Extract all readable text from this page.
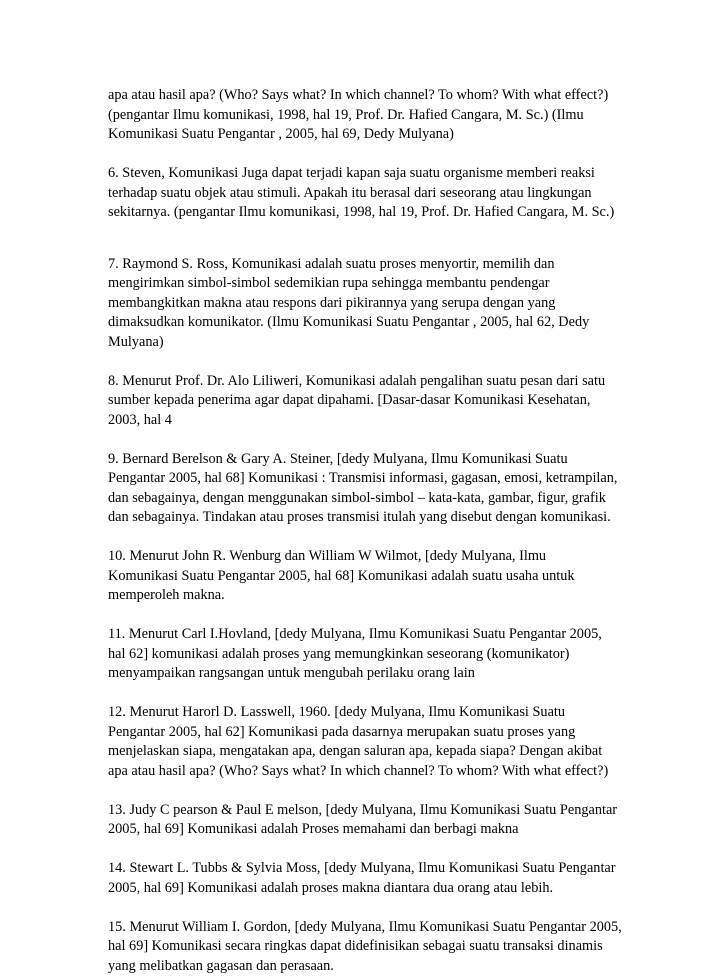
apa atau hasil apa? (Who? Says what? In which channel? To whom? With what effect?)
(pengantar Ilmu komunikasi, 1998, hal 19, Prof. Dr. Hafied Cangara, M. Sc.) (Ilmu
Komunikasi Suatu Pengantar , 2005, hal 69, Dedy Mulyana)

6. Steven, Komunikasi Juga dapat terjadi kapan saja suatu organisme memberi reaksi
terhadap suatu objek atau stimuli. Apakah itu berasal dari seseorang atau lingkungan
sekitarnya. (pengantar Ilmu komunikasi, 1998, hal 19, Prof. Dr. Hafied Cangara, M. Sc.)

7. Raymond S. Ross, Komunikasi adalah suatu proses menyortir, memilih dan
mengirimkan simbol-simbol sedemikian rupa sehingga membantu pendengar
membangkitkan makna atau respons dari pikirannya yang serupa dengan yang
dimaksudkan komunikator. (Ilmu Komunikasi Suatu Pengantar , 2005, hal 62, Dedy
Mulyana)

8. Menurut Prof. Dr. Alo Liliweri, Komunikasi adalah pengalihan suatu pesan dari satu
sumber kepada penerima agar dapat dipahami. [Dasar-dasar Komunikasi Kesehatan,
2003, hal 4

9. Bernard Berelson & Gary A. Steiner, [dedy Mulyana, Ilmu Komunikasi Suatu
Pengantar 2005, hal 68] Komunikasi : Transmisi informasi, gagasan, emosi, ketrampilan,
dan sebagainya, dengan menggunakan simbol-simbol – kata-kata, gambar, figur, grafik
dan sebagainya. Tindakan atau proses transmisi itulah yang disebut dengan komunikasi.

10. Menurut John R. Wenburg dan William W Wilmot, [dedy Mulyana, Ilmu
Komunikasi Suatu Pengantar 2005, hal 68] Komunikasi adalah suatu usaha untuk
memperoleh makna.

11. Menurut Carl I.Hovland, [dedy Mulyana, Ilmu Komunikasi Suatu Pengantar 2005,
hal 62] komunikasi adalah proses yang memungkinkan seseorang (komunikator)
menyampaikan rangsangan untuk mengubah perilaku orang lain

12. Menurut Harorl D. Lasswell, 1960. [dedy Mulyana, Ilmu Komunikasi Suatu
Pengantar 2005, hal 62] Komunikasi pada dasarnya merupakan suatu proses yang
menjelaskan siapa, mengatakan apa, dengan saluran apa, kepada siapa? Dengan akibat
apa atau hasil apa? (Who? Says what? In which channel? To whom? With what effect?)

13. Judy C pearson & Paul E melson, [dedy Mulyana, Ilmu Komunikasi Suatu Pengantar
2005, hal 69] Komunikasi adalah Proses memahami dan berbagi makna

14. Stewart L. Tubbs & Sylvia Moss, [dedy Mulyana, Ilmu Komunikasi Suatu Pengantar
2005, hal 69] Komunikasi adalah proses makna diantara dua orang atau lebih.

15. Menurut William I. Gordon, [dedy Mulyana, Ilmu Komunikasi Suatu Pengantar 2005,
hal 69] Komunikasi secara ringkas dapat didefinisikan sebagai suatu transaksi dinamis
yang melibatkan gagasan dan perasaan.
